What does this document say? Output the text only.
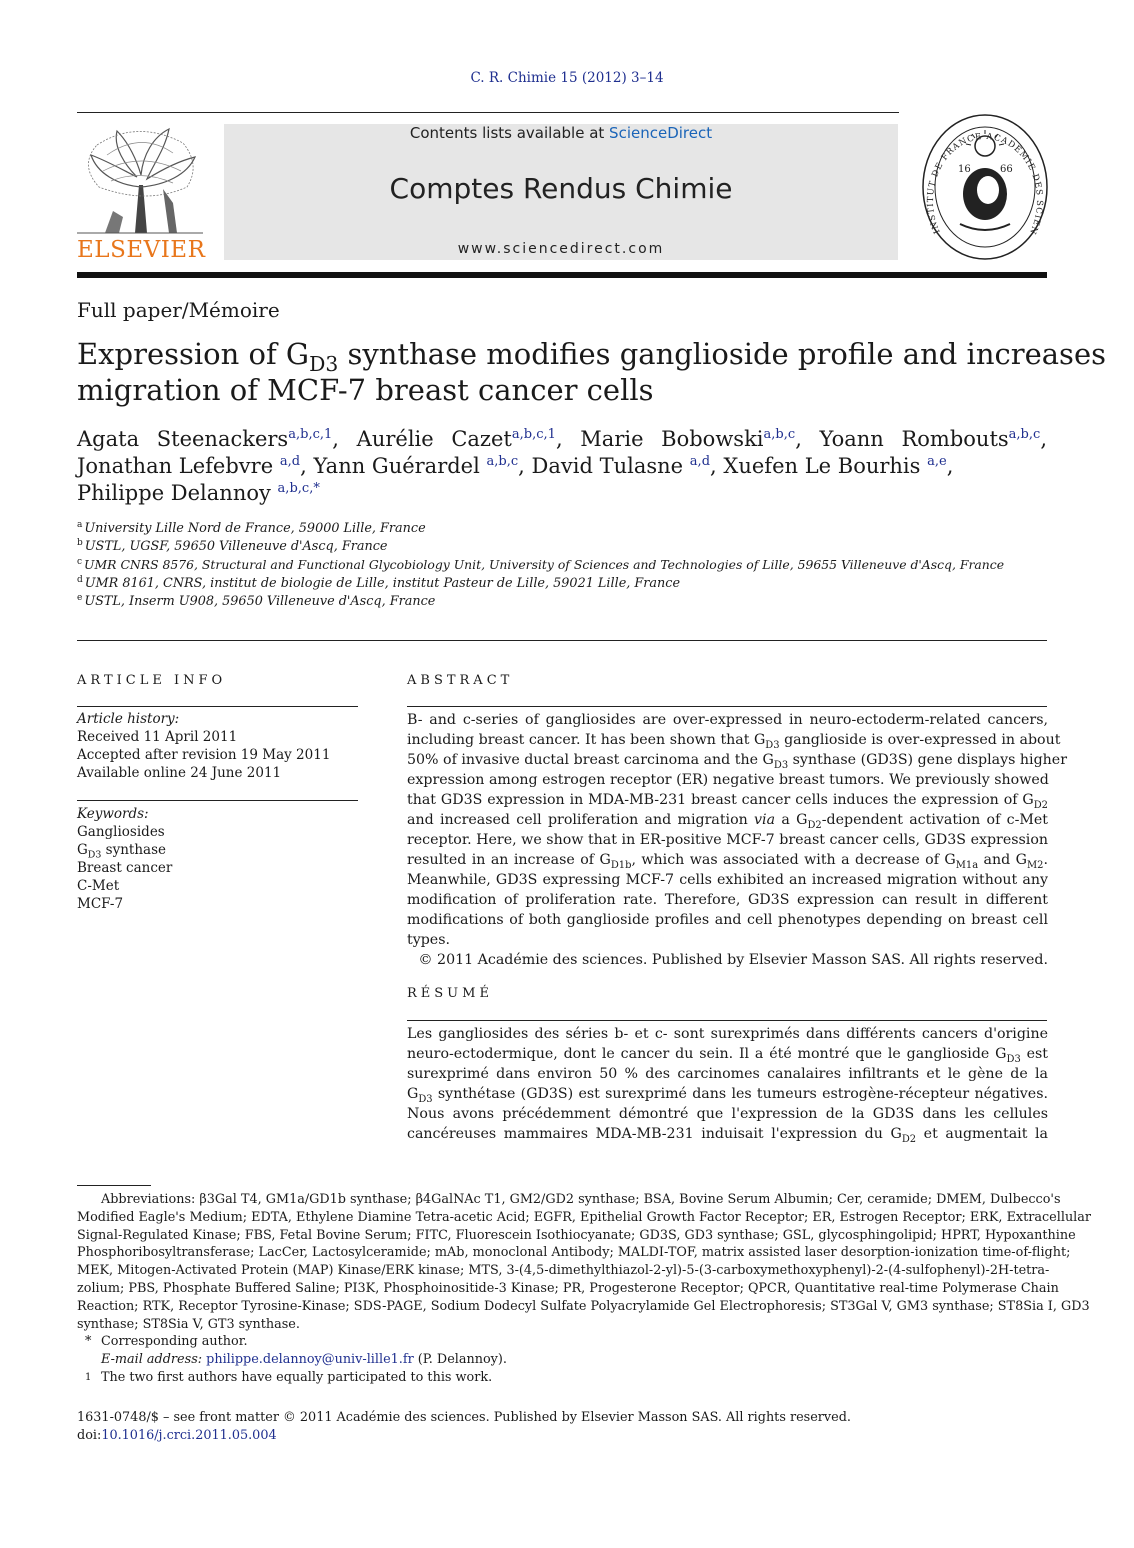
C. R. Chimie 15 (2012) 3–14
ELSEVIER
Contents lists available at ScienceDirect
Comptes Rendus Chimie
www.sciencedirect.com
16	66
INSTITUT DE FRANCE ACADÉMIE DES SCIEN
Full paper/Mémoire
Expression of $G_{D3}$ synthase modifies ganglioside profile and increases
migration of MCF-7 breast cancer cells
Agata Steenackers$^{a,b,c,1}$, Aurélie Cazet$^{a,b,c,1}$, Marie Bobowski$^{a,b,c}$, Yoann Rombouts$^{a,b,c}$,
Jonathan Lefebvre $^{a,d}$, Yann Guérardel $^{a,b,c}$, David Tulasne $^{a,d}$, Xuefen Le Bourhis $^{a,e}$,
Philippe Delannoy $^{a,b,c,*}$
$^a$ University Lille Nord de France, 59000 Lille, France
$^b$ USTL, UGSF, 59650 Villeneuve d'Ascq, France
$^c$ UMR CNRS 8576, Structural and Functional Glycobiology Unit, University of Sciences and Technologies of Lille, 59655 Villeneuve d'Ascq, France
$^d$ UMR 8161, CNRS, institut de biologie de Lille, institut Pasteur de Lille, 59021 Lille, France
$^e$ USTL, Inserm U908, 59650 Villeneuve d'Ascq, France
ARTICLE INFO
Article history:
Received 11 April 2011
Accepted after revision 19 May 2011
Available online 24 June 2011
Keywords:
Gangliosides
$G_{D3}$ synthase
Breast cancer
C-Met
MCF-7
ABSTRACT
B- and c-series of gangliosides are over-expressed in neuro-ectoderm-related cancers,
including breast cancer. It has been shown that $G_{D3}$ ganglioside is over-expressed in about
50% of invasive ductal breast carcinoma and the $G_{D3}$ synthase (GD3S) gene displays higher
expression among estrogen receptor (ER) negative breast tumors. We previously showed
that GD3S expression in MDA-MB-231 breast cancer cells induces the expression of $G_{D2}$
and increased cell proliferation and migration via a $G_{D2}$-dependent activation of c-Met
receptor. Here, we show that in ER-positive MCF-7 breast cancer cells, GD3S expression
resulted in an increase of $G_{D1b}$, which was associated with a decrease of $G_{M1a}$ and $G_{M2}$.
Meanwhile, GD3S expressing MCF-7 cells exhibited an increased migration without any
modification of proliferation rate. Therefore, GD3S expression can result in different
modifications of both ganglioside profiles and cell phenotypes depending on breast cell
types.
© 2011 Académie des sciences. Published by Elsevier Masson SAS. All rights reserved.
RÉSUMÉ
Les gangliosides des séries b- et c- sont surexprimés dans différents cancers d'origine
neuro-ectodermique, dont le cancer du sein. Il a été montré que le ganglioside $G_{D3}$ est
surexprimé dans environ 50 % des carcinomes canalaires infiltrants et le gène de la
$G_{D3}$ synthétase (GD3S) est surexprimé dans les tumeurs estrogène-récepteur négatives.
Nous avons précédemment démontré que l'expression de la GD3S dans les cellules
cancéreuses mammaires MDA-MB-231 induisait l'expression du $G_{D2}$ et augmentait la
Abbreviations: β3Gal T4, GM1a/GD1b synthase; β4GalNAc T1, GM2/GD2 synthase; BSA, Bovine Serum Albumin; Cer, ceramide; DMEM, Dulbecco's
Modified Eagle's Medium; EDTA, Ethylene Diamine Tetra-acetic Acid; EGFR, Epithelial Growth Factor Receptor; ER, Estrogen Receptor; ERK, Extracellular
Signal-Regulated Kinase; FBS, Fetal Bovine Serum; FITC, Fluorescein Isothiocyanate; GD3S, GD3 synthase; GSL, glycosphingolipid; HPRT, Hypoxanthine
Phosphoribosyltransferase; LacCer, Lactosylceramide; mAb, monoclonal Antibody; MALDI-TOF, matrix assisted laser desorption-ionization time-of-flight;
MEK, Mitogen-Activated Protein (MAP) Kinase/ERK kinase; MTS, 3-(4,5-dimethylthiazol-2-yl)-5-(3-carboxymethoxyphenyl)-2-(4-sulfophenyl)-2H-tetra-
zolium; PBS, Phosphate Buffered Saline; PI3K, Phosphoinositide-3 Kinase; PR, Progesterone Receptor; QPCR, Quantitative real-time Polymerase Chain
Reaction; RTK, Receptor Tyrosine-Kinase; SDS-PAGE, Sodium Dodecyl Sulfate Polyacrylamide Gel Electrophoresis; ST3Gal V, GM3 synthase; ST8Sia I, GD3
synthase; ST8Sia V, GT3 synthase.
* Corresponding author.
E-mail address: philippe.delannoy@univ-lille1.fr (P. Delannoy).
1 The two first authors have equally participated to this work.
1631-0748/$ – see front matter © 2011 Académie des sciences. Published by Elsevier Masson SAS. All rights reserved.
doi:10.1016/j.crci.2011.05.004
